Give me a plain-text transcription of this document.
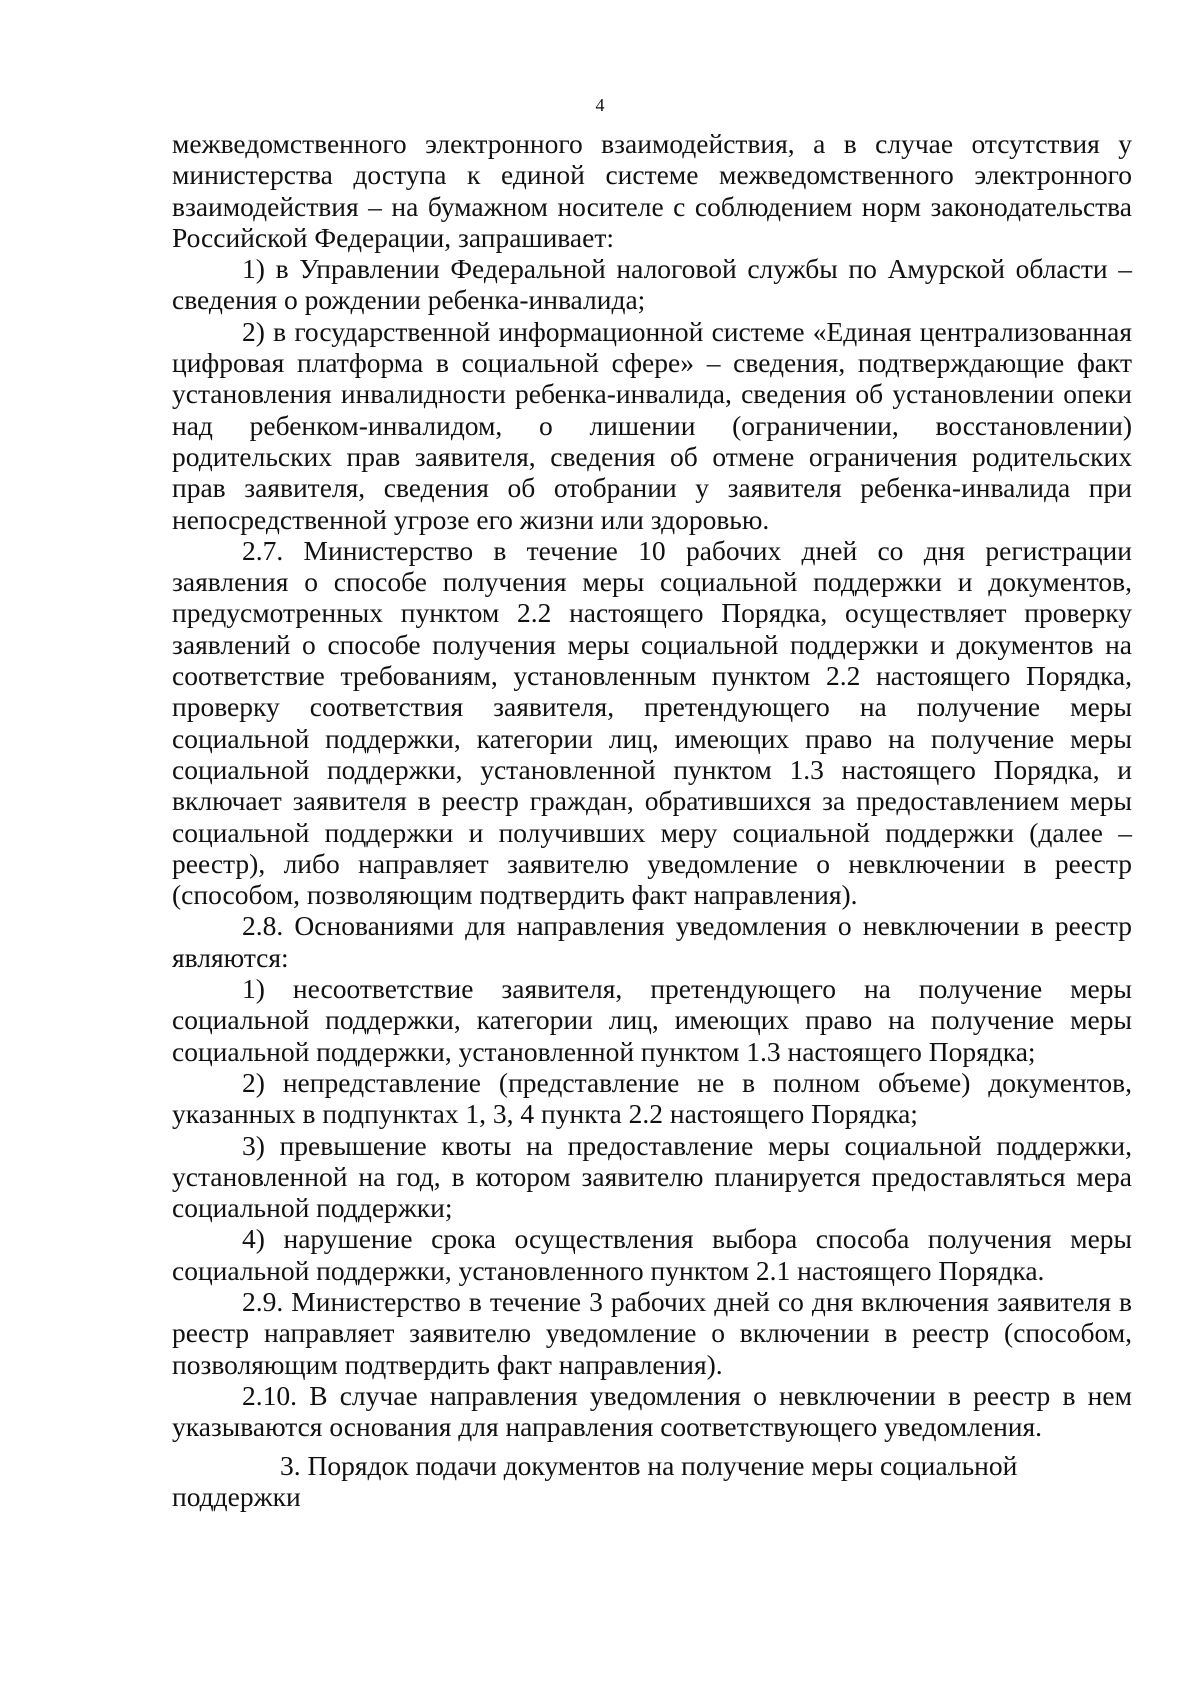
4

межведомственного электронного взаимодействия, а в случае отсутствия у министерства доступа к единой системе межведомственного электронного взаимодействия – на бумажном носителе с соблюдением норм законодательства Российской Федерации, запрашивает:

1) в Управлении Федеральной налоговой службы по Амурской области – сведения о рождении ребенка-инвалида;

2) в государственной информационной системе «Единая централизованная цифровая платформа в социальной сфере» – сведения, подтверждающие факт установления инвалидности ребенка-инвалида, сведения об установлении опеки над ребенком-инвалидом, о лишении (ограничении, восстановлении) родительских прав заявителя, сведения об отмене ограничения родительских прав заявителя, сведения об отобрании у заявителя ребенка-инвалида при непосредственной угрозе его жизни или здоровью.

2.7. Министерство в течение 10 рабочих дней со дня регистрации заявления о способе получения меры социальной поддержки и документов, предусмотренных пунктом 2.2 настоящего Порядка, осуществляет проверку заявлений о способе получения меры социальной поддержки и документов на соответствие требованиям, установленным пунктом 2.2 настоящего Порядка, проверку соответствия заявителя, претендующего на получение меры социальной поддержки, категории лиц, имеющих право на получение меры социальной поддержки, установленной пунктом 1.3 настоящего Порядка, и включает заявителя в реестр граждан, обратившихся за предоставлением меры социальной поддержки и получивших меру социальной поддержки (далее – реестр), либо направляет заявителю уведомление о невключении в реестр (способом, позволяющим подтвердить факт направления).

2.8. Основаниями для направления уведомления о невключении в реестр являются:

1) несоответствие заявителя, претендующего на получение меры социальной поддержки, категории лиц, имеющих право на получение меры социальной поддержки, установленной пунктом 1.3 настоящего Порядка;

2) непредставление (представление не в полном объеме) документов, указанных в подпунктах 1, 3, 4 пункта 2.2 настоящего Порядка;

3) превышение квоты на предоставление меры социальной поддержки, установленной на год, в котором заявителю планируется предоставляться мера социальной поддержки;

4) нарушение срока осуществления выбора способа получения меры социальной поддержки, установленного пунктом 2.1 настоящего Порядка.

2.9. Министерство в течение 3 рабочих дней со дня включения заявителя в реестр направляет заявителю уведомление о включении в реестр (способом, позволяющим подтвердить факт направления).

2.10. В случае направления уведомления о невключении в реестр в нем указываются основания для направления соответствующего уведомления.

3. Порядок подачи документов на получение меры социальной поддержки
